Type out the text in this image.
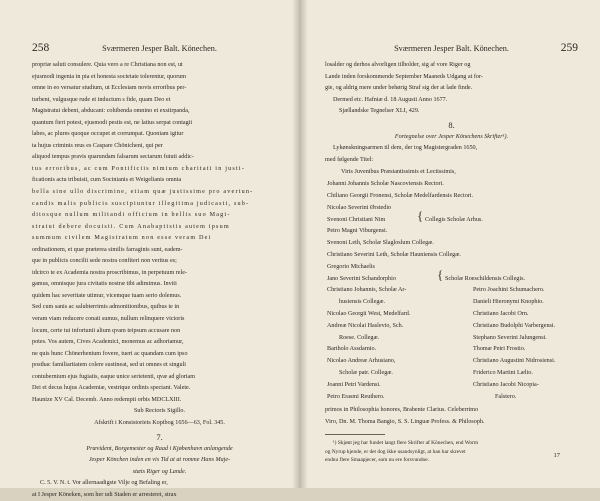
258	Sværmeren Jesper Balt. Könechen.
propriæ saluti consulere. Quia vero a re Christiana non est, ut
ejusmodi ingenia in pia et honesta societate tolerentur, quorum
omne in eo versatur studium, ut Ecclesiam novis erroribus per-
turbent, vulgusque rude et inductum s fide, quam Deo et
Magistratui debent, abducant: cohibenda omnino et exstirpanda,
quantum fieri potest, ejusmodi pestis est, ne latius serpat contagii
labes, ac plures quoque occupet et corrumpat. Quoniam igitur
ta hujus criminis reus es Caspare Chönicheni, qui per
aliquod tempus pravis quarundam falsarum sectarum fututi addic-
tus erroribus, ac cum Pontificiis nimium charitati in justi-
ficationis actu tribuisti, cum Socinianis et Weigelianis omnia
bella sine ullo discrimine, etiam quæ justissime pro avertun-
candis malis publicis suscipiuntur illegitima judicasti, sub-
ditosque nullum militandi officium in bellis suo Magi-
stratui debere docuisti. Cum Anabaptistis autem ipsum
summum civilem Magistratum non esse veram Dei
ordinationem, et quæ præterea similis farraginis sunt, eadem-
que in publicis concilii sede nostra confiteri non veritus es;
idcirco te ex Academia nostra proscribimus, in perpetuum rele-
gamus, omnisque jura civitatis nostræ tibi adimimus. Inviti
quidem hac severitate utimur, vicemque tuam serio dolemus.
Sed cum sanis ac salubterrimis admonitionibus, quibus te in
veram viam reducere conati sumus, nullum relinquere victoris
locum, certe tui infortunii alium qvam teipsum accusare non
potes. Vos autem, Cives Academici, monemus ac adhortamur,
ne quis hunc Chönerhenium fovere, tueri ac quandam cum ipso
posthac familiaritatem colere sustineat, sed ut omnes et singuli
contubernium ejus fugiatis, eaque unice serietenti, qvæ ad gloriam
Dei et decus hujus Academiæ, vestrique ordinis spectant. Valete.
Haunize XV Cal. Decemb. Anno redempti orbis MDCLXIII.
Sub Rectoris Sigillo.
Afskrift i Konsistoriets Kopibog 1656—63, Fol. 345.
7.
Prævident, Borgemester og Raad i Kjøbenhavn anlangende
Jesper Könchen inden en vis Tid at at romme Hans Maje-
stæts Riger og Lande.
C. 5. V. N. t. Vor allernaadigste Vilje og Befaling er,
at I Jesper Köneken, som her udi Staden er arresteret, strax
Sværmeren Jesper Balt. Könechen.	259
losalder og derhos alvorligen tilholder, sig af vore Riger og
Lande inden forskommende September Maaneds Udgang at for-
gie, og aldrig mere under behørig Straf sig der at lade finde.
Dermed etc. Hafniæ d. 18 Augusti Anno 1677.
Sjællandske Tegnelser XLI, 429.
8.
Fortegnelse over Jesper Könechens Skrifter¹).
Lykønskningsarmen til dem, der tog Magistergraden 1650,
med følgende Titel:
Viris Juvenibus Præstantissimis et Lectissimis,
Johanni Johannis Scholæ Nascoviensis Rectori.
Chiliano Georgii Fronensi, Scholæ Medelfardensis Rectori.
Nicolao Severini Ørstedio
Svenoni Christiani Nim { Collegis Scholæ Arhus.
Petro Magni Viburgensi.
Svenoni Leth, Scholæ Slagloslum Collegæ.
Christiano Severini Leth, Scholæ Hauniensis Collegæ.
Gregorio Michaelis
Jano Severini Schandorphio	{ Scholæ Roeschildensis Collegis.
Christiano Johannis, Scholæ Ar-	Petro Joachini Schumachero.
husiensis Collegæ.	Danieli Hieronymi Knophio.
Nicolao Georgii West, Medelfard.	Christiano Jacobi Orn.
Andreæ Nicolai Haslevio, Sch.	Christiano Budolphi Varbergensi.
Roese. Collegæ.	Stephano Severini Jalungensi.
Bartholo Assdarnio.	Thomæ Petri Frostio.
Nicolao Andreæ Arhusiano,	Christiano Augustini Nidrosiensi.
Scholæ patr. Collegæ.	Friderico Martini Lælio.
Joanni Petri Vardensi.	Christiano Jacobi Nicopia-
Petro Erasmi Reuthero.	Falstero.
primos in Philosophia honores, Brabente Clarius. Celeberrimo
Viro, Dn. M. Thoma Bangio, S. S. Linguæ Profess. & Philosoph.
¹) Skjønt jeg har fundet langt flere Skrifter af Könechen, end Worm
og Nyrup kjende, er det dog ikke usandsynligt, at han har skrevet
endnu flere Smaapjecer, som nu ere forsvundne.
17
